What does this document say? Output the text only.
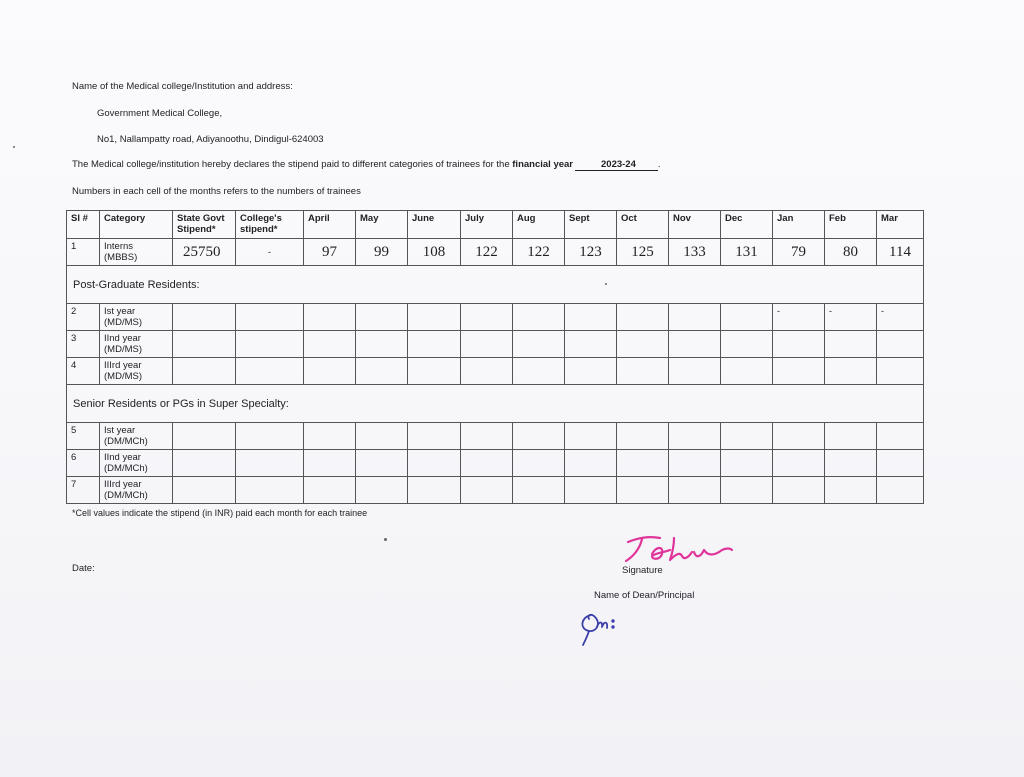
Name of the Medical college/Institution and address:
Government Medical College,
No1, Nallampatty road, Adiyanoothu, Dindigul-624003
The Medical college/institution hereby declares the stipend paid to different categories of trainees for the financial year	2023-24 .
Numbers in each cell of the months refers to the numbers of trainees
Sl #	Category	State Govt Stipend*	College's stipend*	April	May	June	July	Aug	Sept	Oct	Nov	Dec	Jan	Feb	Mar
1	Interns (MBBS)	25750	-	97	99	108	122	122	123	125	133	131	79	80	114
Post-Graduate Residents:															
2	Ist year (MD/MS)												-	-	-
3	IInd year (MD/MS)														
4	IIIrd year (MD/MS)														
Senior Residents or PGs in Super Specialty:															
5	Ist year (DM/MCh)														
6	IInd year (DM/MCh)														
7	IIIrd year (DM/MCh)														
*Cell values indicate the stipend (in INR) paid each month for each trainee
Date:	Signature
Name of Dean/Principal
